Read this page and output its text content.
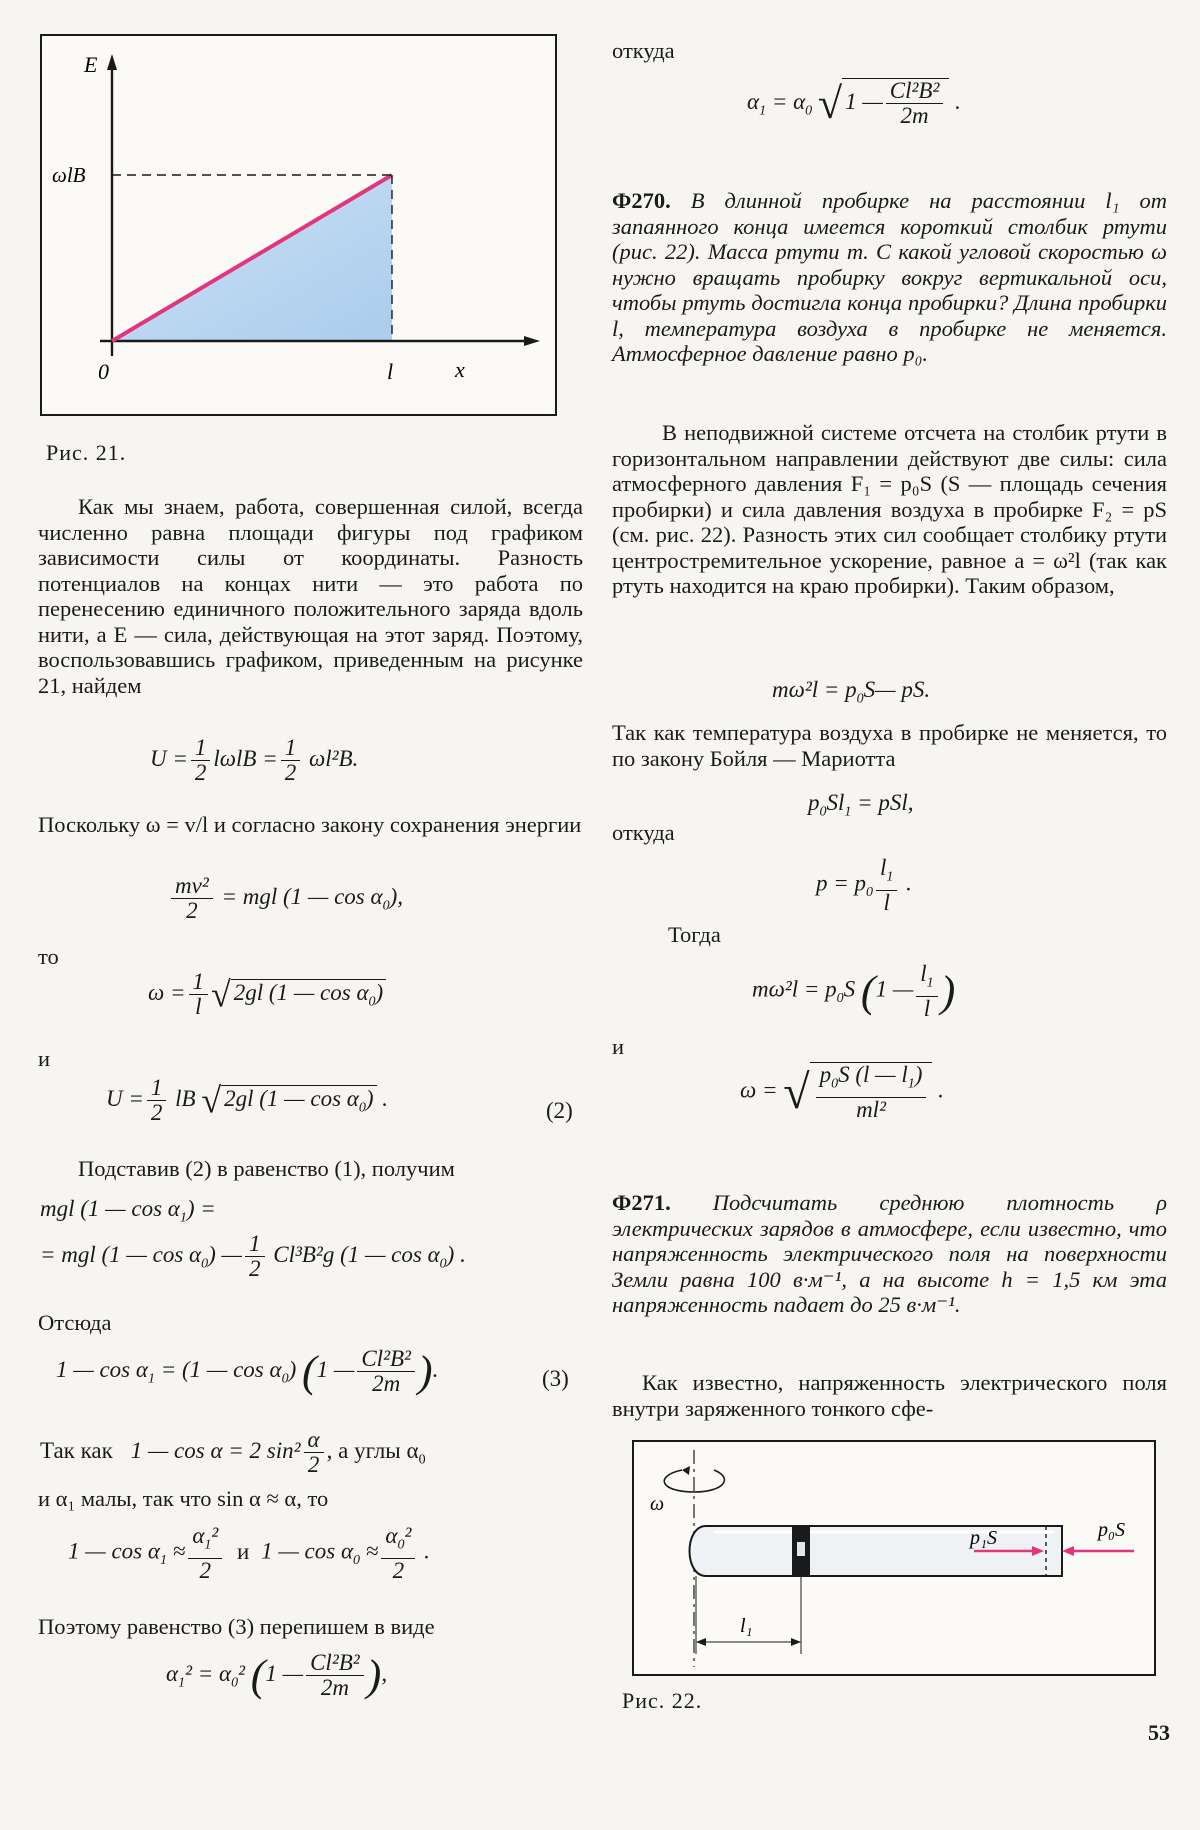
E
x
0	l
ωlB
Рис. 21.

Как мы знаем, работа, совершенная силой, всегда численно равна площади фигуры под графиком зависимости силы от координаты. Разность потенциалов на концах нити — это работа по перенесению единичного положительного заряда вдоль нити, а E — сила, действующая на этот заряд. Поэтому, воспользовавшись графиком, приведенным на рисунке 21, найдем

$U = \frac{1}{2}$ $l\omega lB = \frac{1}{2} \omega l^2B$.

Поскольку ω = v/l и согласно закону сохранения энергии

$\frac{\text{mv²}}{2}$ = mgl (1 — $\cos \alpha_0$),

то

$\omega = \frac{1}{l}$ √ 2gl (1 — $\cos \alpha_0$)

и

$U = \frac{1}{2}$ lB √ 2gl (1 — $\cos \alpha_0$) .	(2)

Подставив (2) в равенство (1), получим

mgl (1 — $\cos \alpha_1$) =
= mgl (1 — $\cos \alpha_0$) — $\frac{1}{2} Cl^3B^2g$ (1 — $\cos \alpha_0$) .

Отсюда

1 — $\cos \alpha_1 = (1$ — $\cos \alpha_0$) (1 — $\frac{\text{Cl²B²}}{2m}$ ).	(3)
Так как 1 — cos α = 2 $\sin^2 \frac{\alpha}{2}$ , а углы $\alpha_0$

и α₁ малы, так что sin α ≈ α, то

1 — $\cos \alpha_1 \approx \frac{\alpha_1^2}{2}$ и 1 — $\cos \alpha_0 \approx \frac{\alpha_0^2}{2}$ .

Поэтому равенство (3) перепишем в виде

$\alpha_1^2 = \alpha_0^2$ (1 — $\frac{\text{Cl²B²}}{2m}$ ),

откуда

$\alpha_1 = \alpha_0$ √ 1 — $\frac{\text{Cl²B²}}{2m}$ .
Ф270. В длинной пробирке на расстоянии l₁ от запаянного конца имеется короткий столбик ртути (рис. 22). Масса ртути m. С какой угловой скоростью ω нужно вращать пробирку вокруг вертикальной оси, чтобы ртуть достигла конца пробирки? Длина пробирки l, температура воздуха в пробирке не меняется. Атмосферное давление равно p₀.

В неподвижной системе отсчета на столбик ртути в горизонтальном направлении действуют две силы: сила атмосферного давления F₁ = p₀S (S — площадь сечения пробирки) и сила давления воздуха в пробирке F₂ = pS (см. рис. 22). Разность этих сил сообщает столбику ртути центростремительное ускорение, равное a = ω²l (так как ртуть находится на краю пробирки). Таким образом,

$m\omega^2l = p_0S—$ pS.

Так как температура воздуха в пробирке не меняется, то по закону Бойля — Мариотта

$p_0Sl_1$ = pSl,

откуда

$p = p_0 \frac{l_1}{l}$ .

Тогда

$m\omega^2l = p_0S$ (1 — $\frac{l_1}{l}$ )

и

ω = √ $\frac{p_0S (l — l_1)}{\text{ml²}}$ .
Ф271. Подсчитать среднюю плотность ρ электрических зарядов в атмосфере, если известно, что напряженность электрического поля на поверхности Земли равна 100 в·м⁻¹, а на высоте h = 1,5 км эта напряженность падает до 25 в·м⁻¹.

Как известно, напряженность электрического поля внутри заряженного тонкого сфе-

ω
p₁S	p₀S
l₁
Рис. 22.
53
